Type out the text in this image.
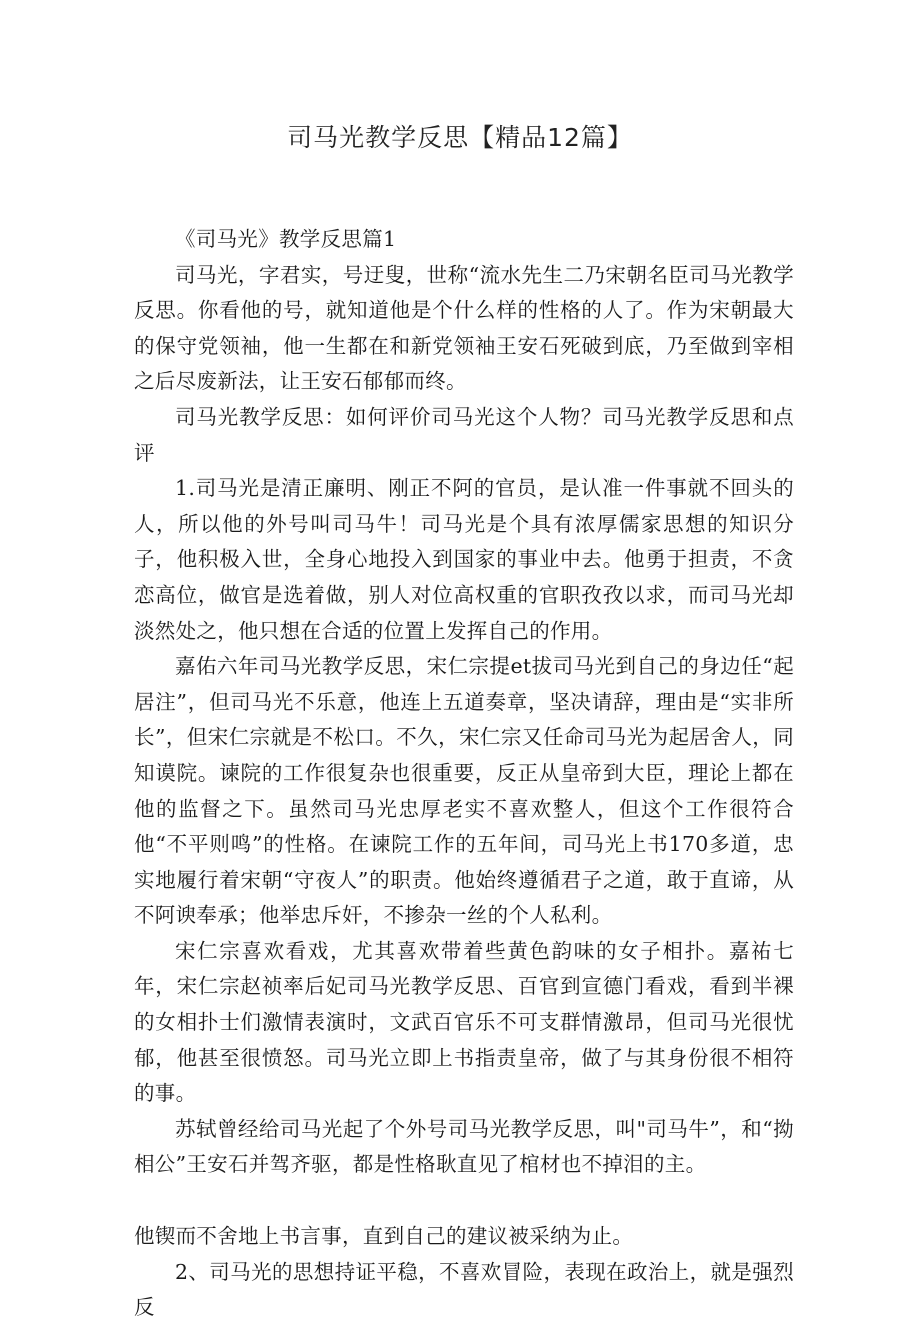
司马光教学反思【精品12篇】

《司马光》教学反思篇1

司马光，字君实，号迂叟，世称“流水先生二乃宋朝名臣司马光教学反思。你看他的号，就知道他是个什么样的性格的人了。作为宋朝最大的保守党领袖，他一生都在和新党领袖王安石死破到底，乃至做到宰相之后尽废新法，让王安石郁郁而终。

司马光教学反思：如何评价司马光这个人物？司马光教学反思和点评

1.司马光是清正廉明、刚正不阿的官员，是认准一件事就不回头的人，所以他的外号叫司马牛！司马光是个具有浓厚儒家思想的知识分子，他积极入世，全身心地投入到国家的事业中去。他勇于担责，不贪恋高位，做官是选着做，别人对位高权重的官职孜孜以求，而司马光却淡然处之，他只想在合适的位置上发挥自己的作用。

嘉佑六年司马光教学反思，宋仁宗提et拔司马光到自己的身边任“起居注”，但司马光不乐意，他连上五道奏章，坚决请辞，理由是“实非所长”，但宋仁宗就是不松口。不久，宋仁宗又任命司马光为起居舍人，同知谟院。谏院的工作很复杂也很重要，反正从皇帝到大臣，理论上都在他的监督之下。虽然司马光忠厚老实不喜欢整人，但这个工作很符合他“不平则鸣”的性格。在谏院工作的五年间，司马光上书170多道，忠实地履行着宋朝“守夜人”的职责。他始终遵循君子之道，敢于直谛，从不阿谀奉承；他举忠斥奸，不掺杂一丝的个人私利。

宋仁宗喜欢看戏，尤其喜欢带着些黄色韵味的女子相扑。嘉祐七年，宋仁宗赵祯率后妃司马光教学反思、百官到宣德门看戏，看到半裸的女相扑士们激情表演时，文武百官乐不可支群情激昂，但司马光很忧郁，他甚至很愤怒。司马光立即上书指责皇帝，做了与其身份很不相符的事。

苏轼曾经给司马光起了个外号司马光教学反思，叫"司马牛”，和“拗相公”王安石并驾齐驱，都是性格耿直见了棺材也不掉泪的主。

他锲而不舍地上书言事，直到自己的建议被采纳为止。

2、司马光的思想持证平稳，不喜欢冒险，表现在政治上，就是强烈反
